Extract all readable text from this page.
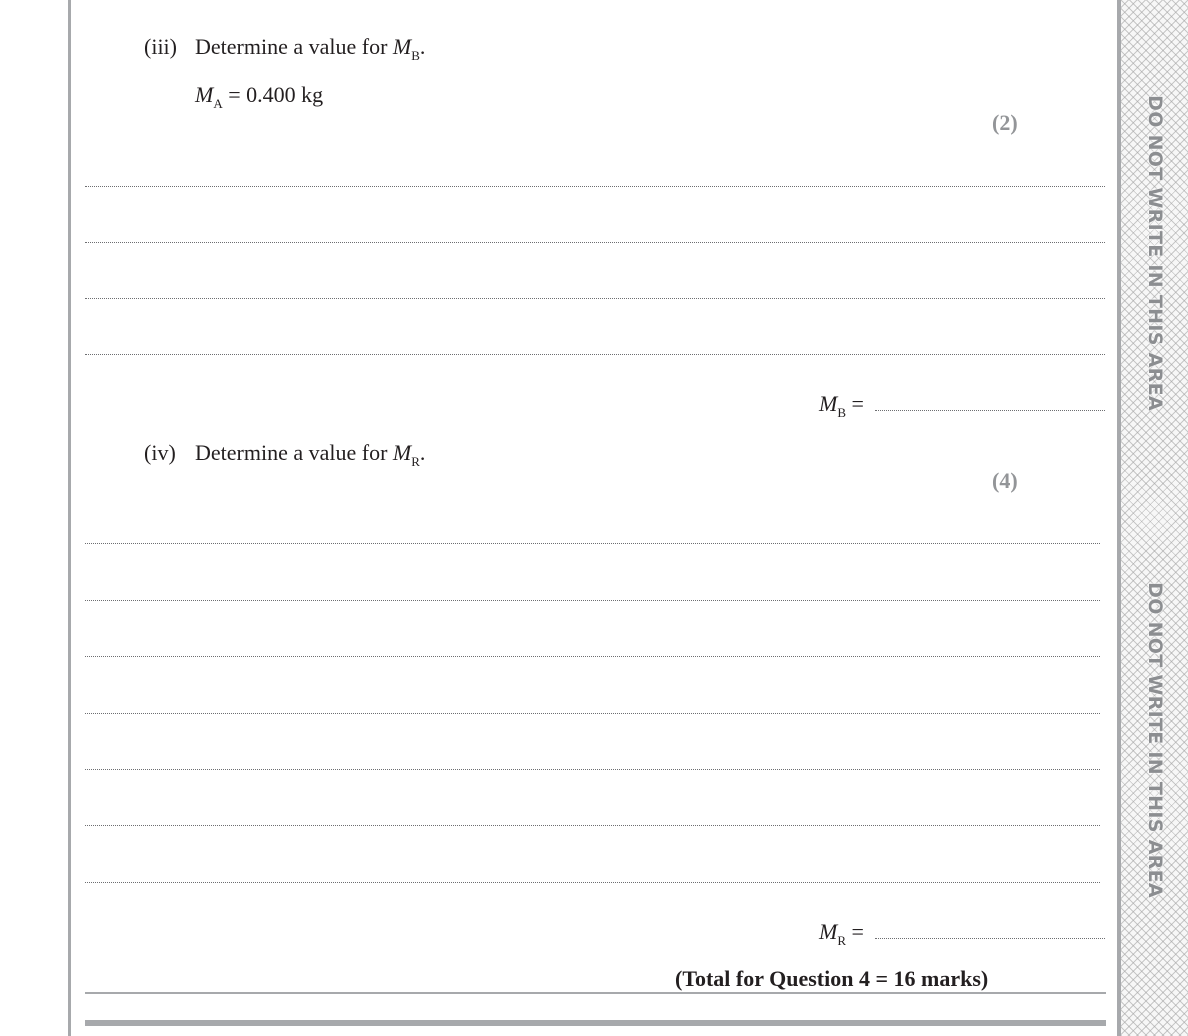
DO NOT WRITE IN THIS AREA
DO NOT WRITE IN THIS AREA
(iii) Determine a value for $M_B$.
$M_A = 0.400$ kg
(2)
$M_B$ =
(iv) Determine a value for $M_R$.
(4)
$M_R$ =
(Total for Question 4 = 16 marks)
